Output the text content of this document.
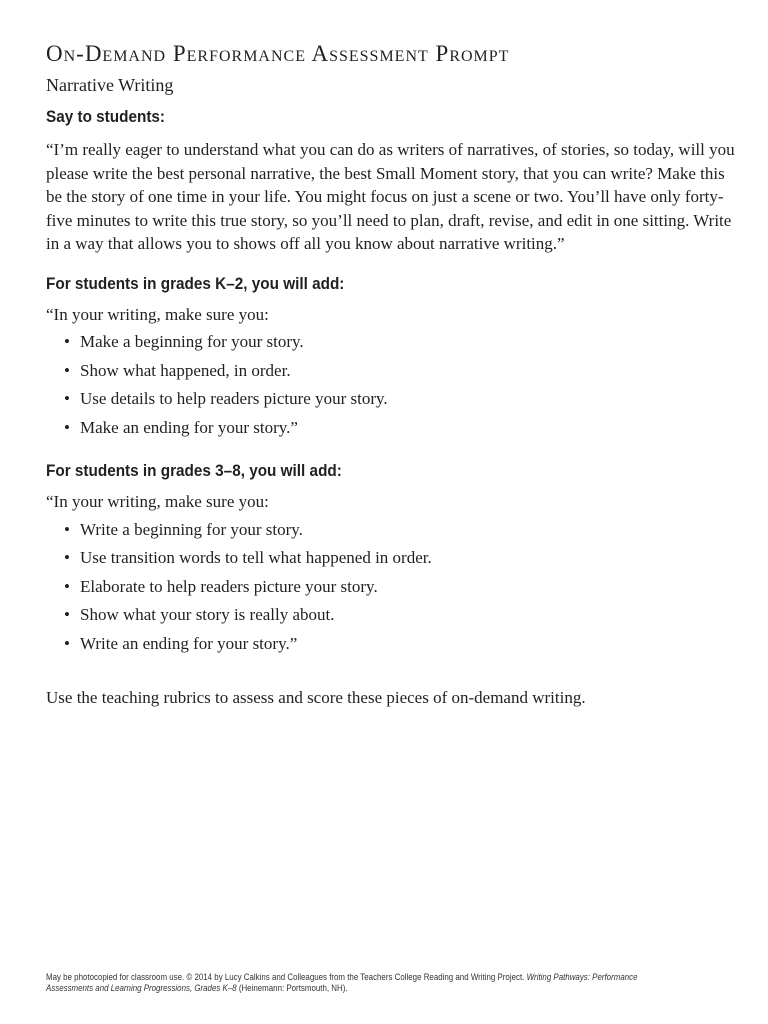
On-Demand Performance Assessment Prompt
Narrative Writing
Say to students:

“I’m really eager to understand what you can do as writers of narratives, of stories, so today, will you please write the best personal narrative, the best Small Moment story, that you can write? Make this be the story of one time in your life. You might focus on just a scene or two. You’ll have only forty-five minutes to write this true story, so you’ll need to plan, draft, revise, and edit in one sitting. Write in a way that allows you to shows off all you know about narrative writing.”

For students in grades K–2, you will add:

“In your writing, make sure you:

• Make a beginning for your story.
• Show what happened, in order.
• Use details to help readers picture your story.
• Make an ending for your story.”
For students in grades 3–8, you will add:

“In your writing, make sure you:

• Write a beginning for your story.
• Use transition words to tell what happened in order.
• Elaborate to help readers picture your story.
• Show what your story is really about.
• Write an ending for your story.”

Use the teaching rubrics to assess and score these pieces of on-demand writing.

May be photocopied for classroom use. © 2014 by Lucy Calkins and Colleagues from the Teachers College Reading and Writing Project. Writing Pathways: Performance Assessments and Learning Progressions, Grades K–8 (Heinemann: Portsmouth, NH).
